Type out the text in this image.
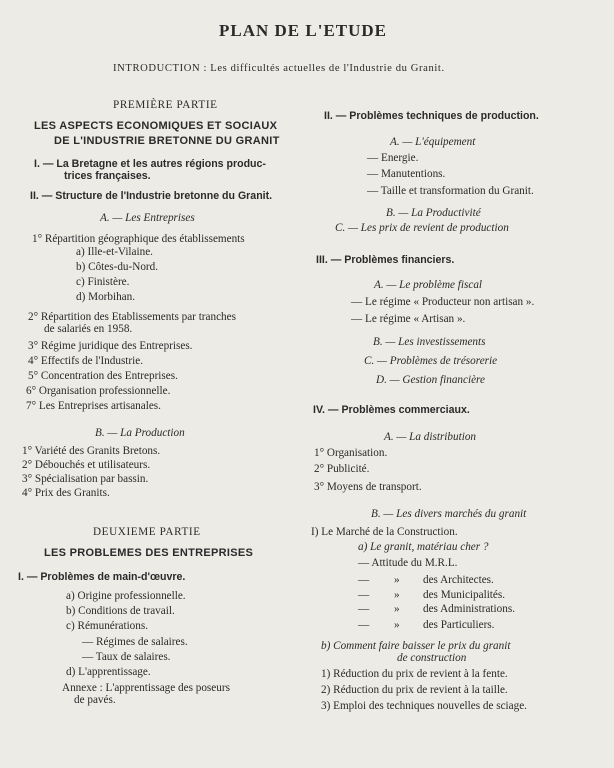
PLAN DE L'ETUDE
INTRODUCTION : Les difficultés actuelles de l'Industrie du Granit.
PREMIÈRE PARTIE
LES ASPECTS ECONOMIQUES ET SOCIAUX
DE L'INDUSTRIE BRETONNE DU GRANIT
I. — La Bretagne et les autres régions produc-
trices françaises.
II. — Structure de l'Industrie bretonne du Granit.
A. — Les Entreprises
1° Répartition géographique des établissements
a) Ille-et-Vilaine.
b) Côtes-du-Nord.
c) Finistère.
d) Morbihan.
2° Répartition des Etablissements par tranches
de salariés en 1958.
3° Régime juridique des Entreprises.
4° Effectifs de l'Industrie.
5° Concentration des Entreprises.
6° Organisation professionnelle.
7° Les Entreprises artisanales.
B. — La Production
1° Variété des Granits Bretons.
2° Débouchés et utilisateurs.
3° Spécialisation par bassin.
4° Prix des Granits.
DEUXIEME PARTIE
LES PROBLEMES DES ENTREPRISES
I. — Problèmes de main-d'œuvre.
a) Origine professionnelle.
b) Conditions de travail.
c) Rémunérations.
— Régimes de salaires.
— Taux de salaires.
d) L'apprentissage.
Annexe : L'apprentissage des poseurs
de pavés.
II. — Problèmes techniques de production.
A. — L'équipement
— Energie.
— Manutentions.
— Taille et transformation du Granit.
B. — La Productivité
C. — Les prix de revient de production
III. — Problèmes financiers.
A. — Le problème fiscal
— Le régime « Producteur non artisan ».
— Le régime « Artisan ».
B. — Les investissements
C. — Problèmes de trésorerie
D. — Gestion financière
IV. — Problèmes commerciaux.
A. — La distribution
1° Organisation.
2° Publicité.
3° Moyens de transport.
B. — Les divers marchés du granit
I) Le Marché de la Construction.
a) Le granit, matériau cher ?
— Attitude du M.R.L.
— » des Architectes.
— » des Municipalités.
— » des Administrations.
— » des Particuliers.
b) Comment faire baisser le prix du granit
de construction
1) Réduction du prix de revient à la fente.
2) Réduction du prix de revient à la taille.
3) Emploi des techniques nouvelles de sciage.
